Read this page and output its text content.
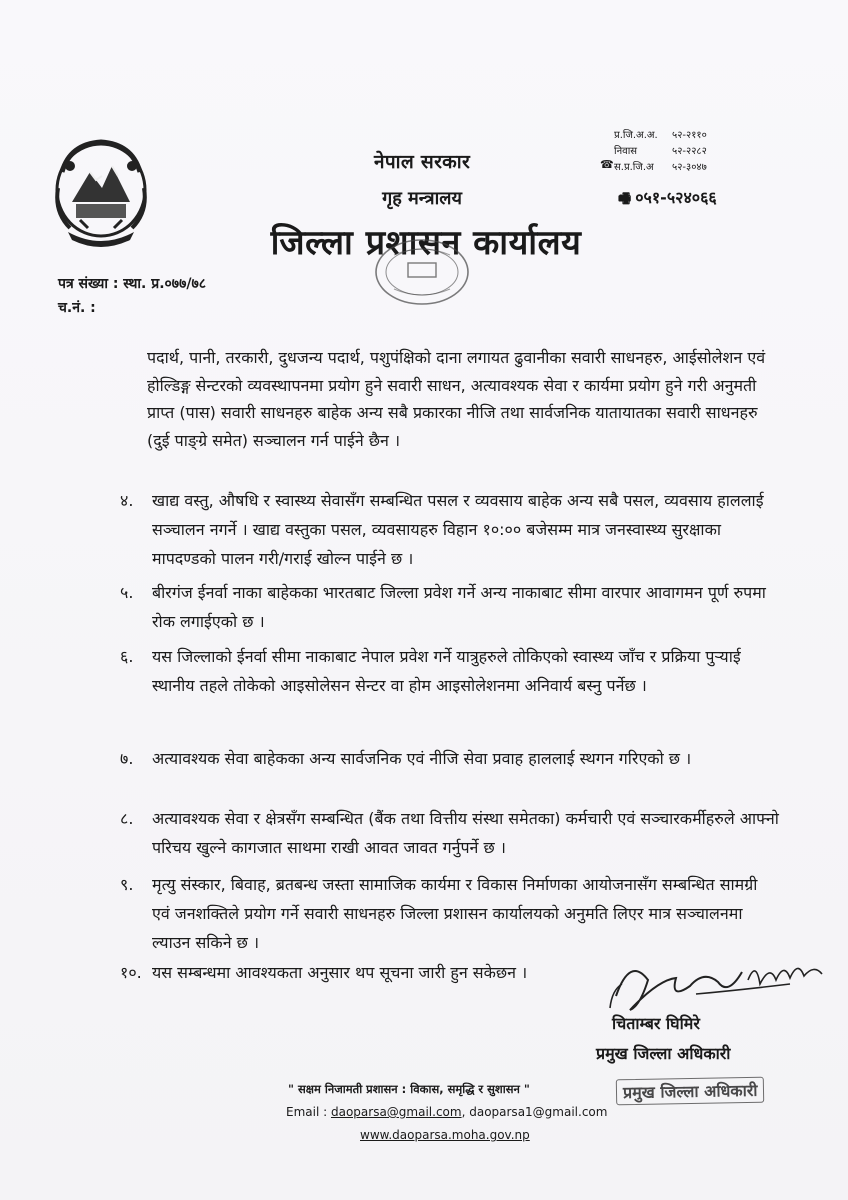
नेपाल सरकार
गृह मन्त्रालय
जिल्ला प्रशासन कार्यालय
प्र.जि.अ.अ.	५२-२११०
निवास	५२-२२८२
स.प्र.जि.अ	५२-३०४७
☎
🖷 ०५१-५२४०६६
पत्र संख्या : स्था. प्र.०७७/७८
च.नं. :
पदार्थ, पानी, तरकारी, दुधजन्य पदार्थ, पशुपंक्षिको दाना लगायत ढुवानीका सवारी साधनहरु, आईसोलेशन एवं होल्डिङ्ग सेन्टरको व्यवस्थापनमा प्रयोग हुने सवारी साधन, अत्यावश्यक सेवा र कार्यमा प्रयोग हुने गरी अनुमती प्राप्त (पास) सवारी साधनहरु बाहेक अन्य सबै प्रकारका नीजि तथा सार्वजनिक यातायातका सवारी साधनहरु (दुई पाङ्ग्रे समेत) सञ्चालन गर्न पाईने छैन ।
४.	खाद्य वस्तु, औषधि र स्वास्थ्य सेवासँग सम्बन्धित पसल र व्यवसाय बाहेक अन्य सबै पसल, व्यवसाय हाललाई सञ्चालन नगर्ने । खाद्य वस्तुका पसल, व्यवसायहरु विहान १०:०० बजेसम्म मात्र जनस्वास्थ्य सुरक्षाका मापदण्डको पालन गरी/गराई खोल्न पाईने छ ।
५.	बीरगंज ईनर्वा नाका बाहेकका भारतबाट जिल्ला प्रवेश गर्ने अन्य नाकाबाट सीमा वारपार आवागमन पूर्ण रुपमा रोक लगाईएको छ ।
६.	यस जिल्लाको ईनर्वा सीमा नाकाबाट नेपाल प्रवेश गर्ने यात्रुहरुले तोकिएको स्वास्थ्य जाँच र प्रक्रिया पुऱ्याई स्थानीय तहले तोकेको आइसोलेसन सेन्टर वा होम आइसोलेशनमा अनिवार्य बस्नु पर्नेछ ।
७.	अत्यावश्यक सेवा बाहेकका अन्य सार्वजनिक एवं नीजि सेवा प्रवाह हाललाई स्थगन गरिएको छ ।
८.	अत्यावश्यक सेवा र क्षेत्रसँग सम्बन्धित (बैंक तथा वित्तीय संस्था समेतका) कर्मचारी एवं सञ्चारकर्मीहरुले आफ्नो परिचय खुल्ने कागजात साथमा राखी आवत जावत गर्नुपर्ने छ ।
९.	मृत्यु संस्कार, बिवाह, ब्रतबन्ध जस्ता सामाजिक कार्यमा र विकास निर्माणका आयोजनासँग सम्बन्धित सामग्री एवं जनशक्तिले प्रयोग गर्ने सवारी साधनहरु जिल्ला प्रशासन कार्यालयको अनुमति लिएर मात्र सञ्चालनमा ल्याउन सकिने छ ।
१०. यस सम्बन्धमा आवश्यकता अनुसार थप सूचना जारी हुन सकेछन ।
चिताम्बर घिमिरे
प्रमुख जिल्ला अधिकारी
" सक्षम निजामती प्रशासन : विकास, समृद्धि र सुशासन "
Email : daoparsa@gmail.com, daoparsa1@gmail.com
www.daoparsa.moha.gov.np
प्रमुख जिल्ला अधिकारी
